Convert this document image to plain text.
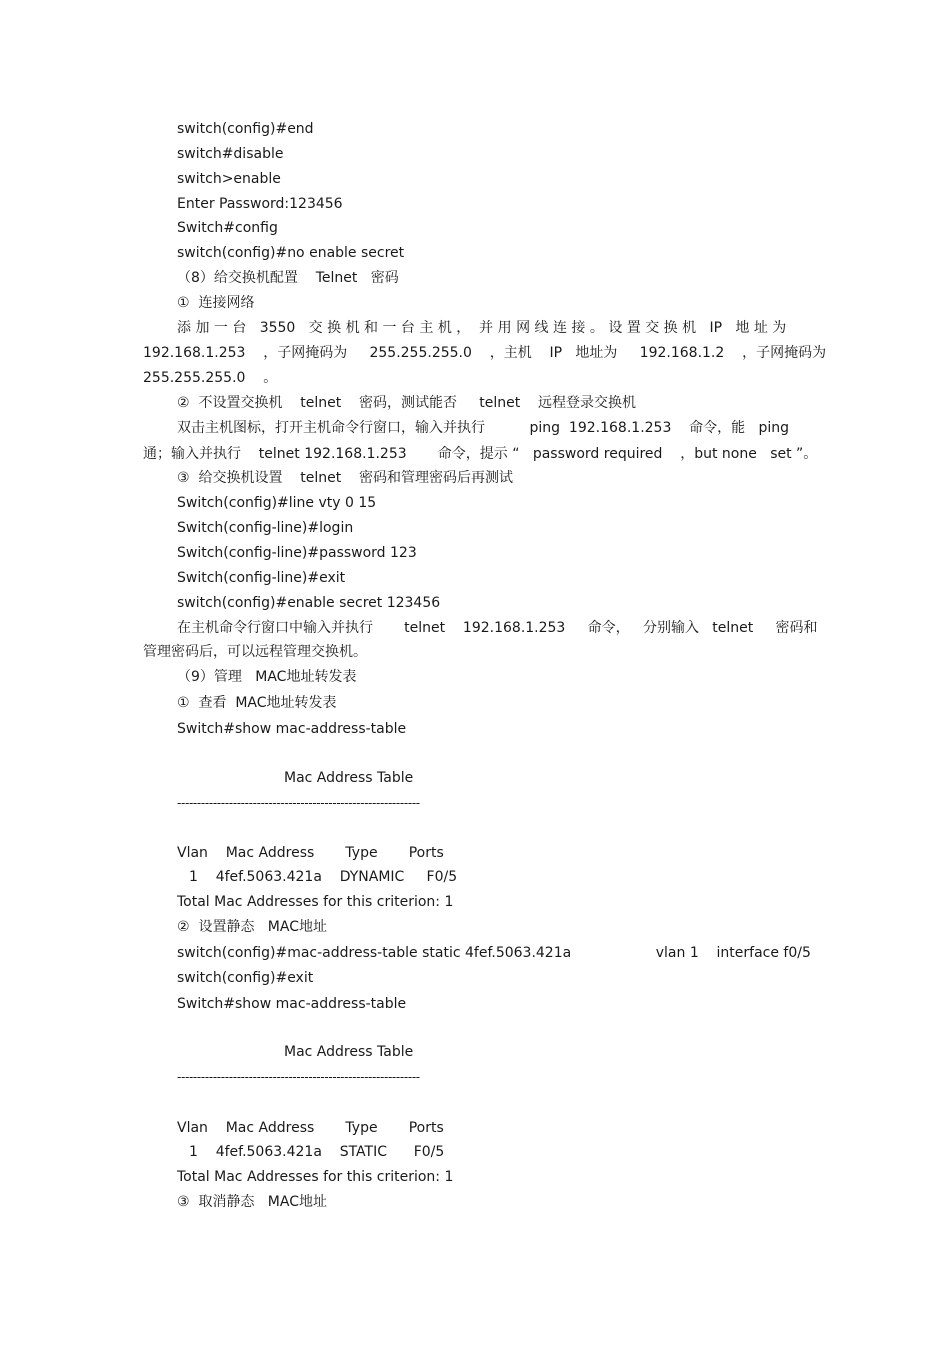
switch(config)#end
switch#disable
switch>enable
Enter Password:123456
Switch#config
switch(config)#no enable secret
（8）给交换机配置    Telnet   密码
①  连接网络
添 加 一 台   3550   交 换 机 和 一 台 主 机 ，  并 用 网 线 连 接 。 设 置 交 换 机   IP   地 址 为
192.168.1.253    ，子网掩码为     255.255.255.0    ，主机    IP   地址为     192.168.1.2    ，子网掩码为
255.255.255.0    。
②  不设置交换机    telnet    密码，测试能否     telnet    远程登录交换机
双击主机图标，打开主机命令行窗口，输入并执行          ping  192.168.1.253    命令，能   ping
通；输入并执行    telnet 192.168.1.253       命令，提示 “   password required    ，but none   set ”。
③  给交换机设置    telnet    密码和管理密码后再测试
Switch(config)#line vty 0 15
Switch(config-line)#login
Switch(config-line)#password 123
Switch(config-line)#exit
switch(config)#enable secret 123456
在主机命令行窗口中输入并执行       telnet    192.168.1.253     命令，   分别输入   telnet     密码和
管理密码后，可以远程管理交换机。
（9）管理   MAC地址转发表
①  查看  MAC地址转发表
Switch#show mac-address-table
Mac Address Table
-------------------------------------------------------------
Vlan    Mac Address       Type       Ports
1    4fef.5063.421a    DYNAMIC     F0/5
Total Mac Addresses for this criterion: 1
②  设置静态   MAC地址
switch(config)#mac-address-table static 4fef.5063.421a                   vlan 1    interface f0/5
switch(config)#exit
Switch#show mac-address-table
Mac Address Table
-------------------------------------------------------------
Vlan    Mac Address       Type       Ports
1    4fef.5063.421a    STATIC      F0/5
Total Mac Addresses for this criterion: 1
③  取消静态   MAC地址
